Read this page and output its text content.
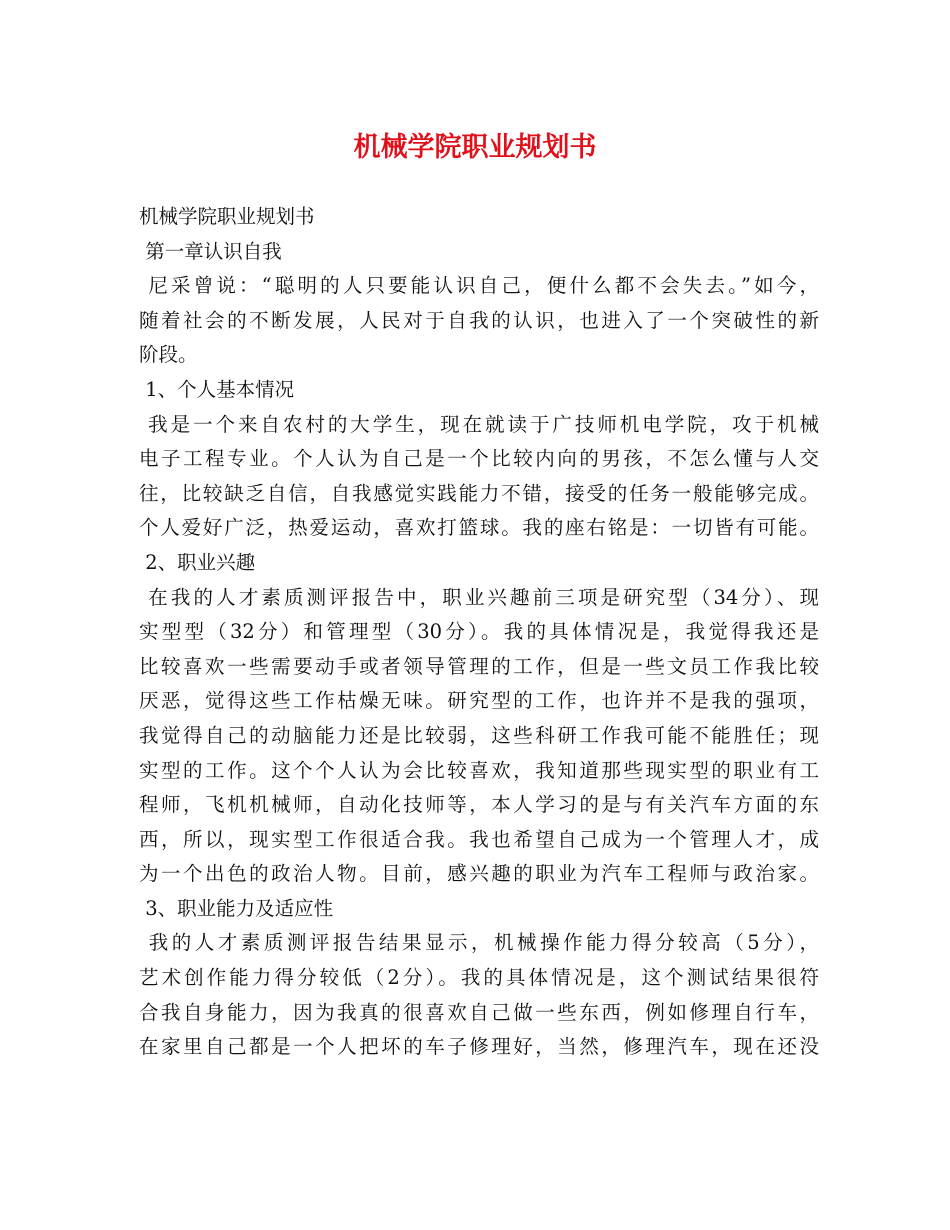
机械学院职业规划书
机械学院职业规划书
第一章认识自我
尼采曾说：“聪明的人只要能认识自己，便什么都不会失去。”如今，
随着社会的不断发展，人民对于自我的认识，也进入了一个突破性的新
阶段。
1、个人基本情况
我是一个来自农村的大学生，现在就读于广技师机电学院，攻于机械
电子工程专业。个人认为自己是一个比较内向的男孩，不怎么懂与人交
往，比较缺乏自信，自我感觉实践能力不错，接受的任务一般能够完成。
个人爱好广泛，热爱运动，喜欢打篮球。我的座右铭是：一切皆有可能。
2、职业兴趣
在我的人才素质测评报告中，职业兴趣前三项是研究型（34分）、现
实型型（32分）和管理型（30分）。我的具体情况是，我觉得我还是
比较喜欢一些需要动手或者领导管理的工作，但是一些文员工作我比较
厌恶，觉得这些工作枯燥无味。研究型的工作，也许并不是我的强项，
我觉得自己的动脑能力还是比较弱，这些科研工作我可能不能胜任；现
实型的工作。这个个人认为会比较喜欢，我知道那些现实型的职业有工
程师，飞机机械师，自动化技师等，本人学习的是与有关汽车方面的东
西，所以，现实型工作很适合我。我也希望自己成为一个管理人才，成
为一个出色的政治人物。目前，感兴趣的职业为汽车工程师与政治家。
3、职业能力及适应性
我的人才素质测评报告结果显示，机械操作能力得分较高（5分），
艺术创作能力得分较低（2分）。我的具体情况是，这个测试结果很符
合我自身能力，因为我真的很喜欢自己做一些东西，例如修理自行车，
在家里自己都是一个人把坏的车子修理好，当然，修理汽车，现在还没
